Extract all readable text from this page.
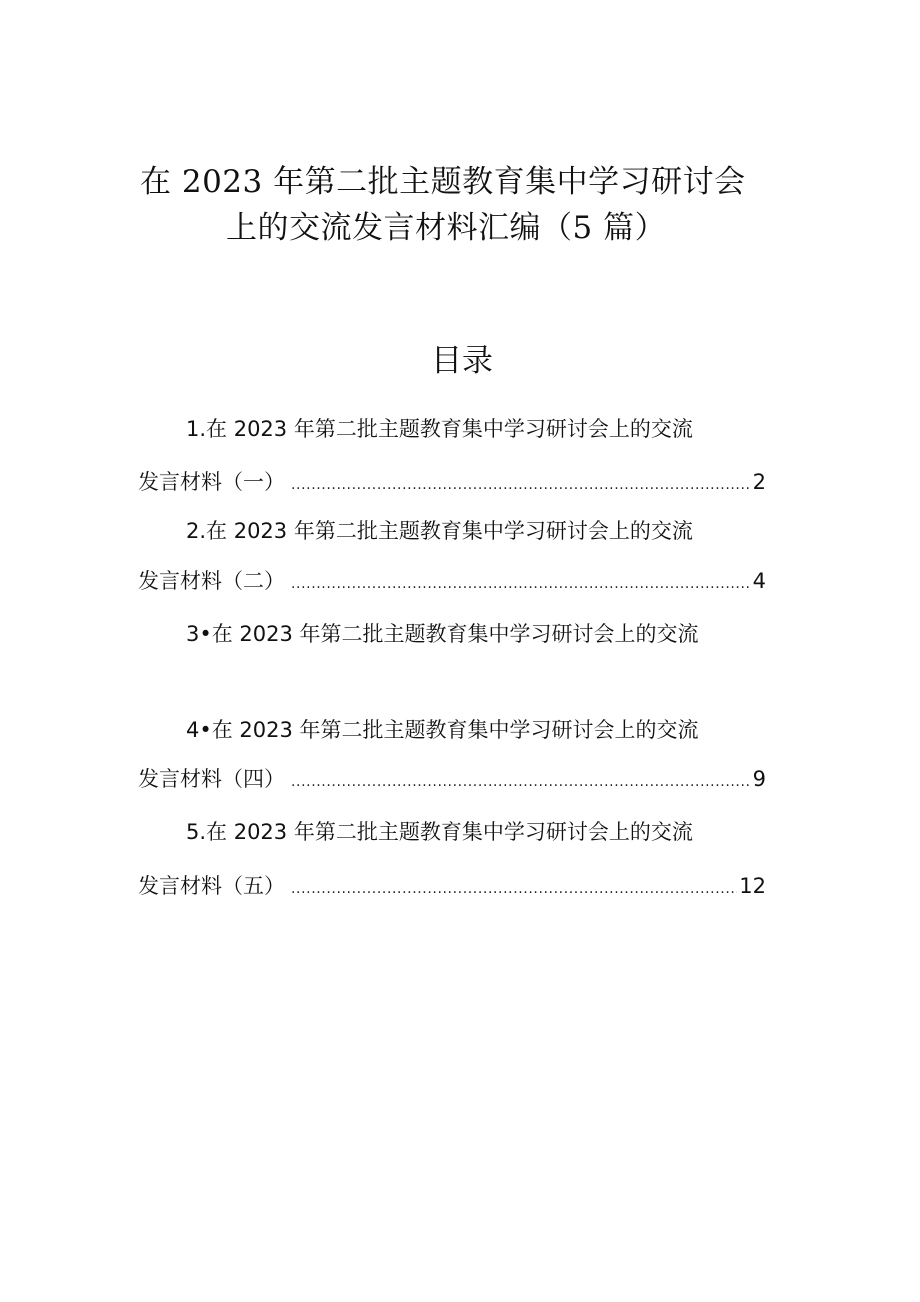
在 2023 年第二批主题教育集中学习研讨会
上的交流发言材料汇编（5 篇）
目录
1.在 2023 年第二批主题教育集中学习研讨会上的交流
发言材料（一） .....	2
2.在 2023 年第二批主题教育集中学习研讨会上的交流
发言材料（二） .....	4
3•在 2023 年第二批主题教育集中学习研讨会上的交流
4•在 2023 年第二批主题教育集中学习研讨会上的交流
发言材料（四） .....	9
5.在 2023 年第二批主题教育集中学习研讨会上的交流
发言材料（五） .....	12
